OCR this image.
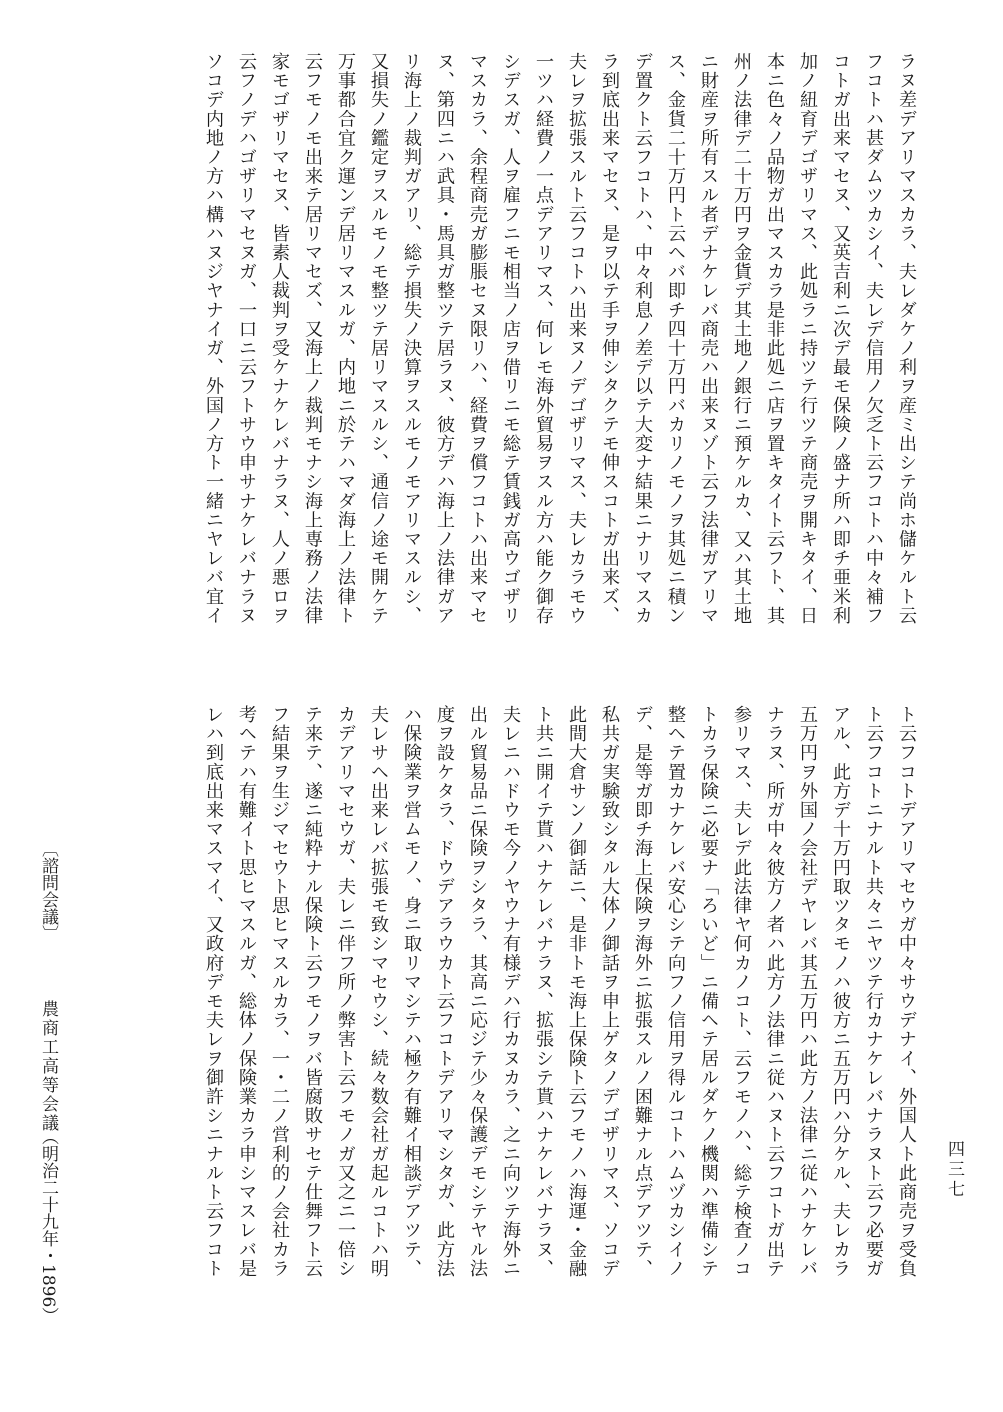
〔諮問会議〕
農商工高等会議
（明治二十九年・1896）
ラヌ差デアリマスカラ、夫レダケノ利ヲ産ミ出シテ尚ホ儲ケルト云
フコトハ甚ダムツカシイ、夫レデ信用ノ欠乏ト云フコトハ中々補フ
コトガ出来マセヌ、又英吉利ニ次デ最モ保険ノ盛ナ所ハ即チ亜米利
加ノ紐育デゴザリマス、此処ラニ持ツテ行ツテ商売ヲ開キタイ、日
本ニ色々ノ品物ガ出マスカラ是非此処ニ店ヲ置キタイト云フト、其
州ノ法律デ二十万円ヲ金貨デ其土地ノ銀行ニ預ケルカ、又ハ其土地
ニ財産ヲ所有スル者デナケレバ商売ハ出来ヌゾト云フ法律ガアリマ
ス、金貨二十万円ト云ヘバ即チ四十万円バカリノモノヲ其処ニ積ン
デ置クト云フコトハ、中々利息ノ差デ以テ大変ナ結果ニナリマスカ
ラ到底出来マセヌ、是ヲ以テ手ヲ伸シタクテモ伸スコトガ出来ズ、
夫レヲ拡張スルト云フコトハ出来ヌノデゴザリマス、夫レカラモウ
一ツハ経費ノ一点デアリマス、何レモ海外貿易ヲスル方ハ能ク御存
シデスガ、人ヲ雇フニモ相当ノ店ヲ借リニモ総テ賃銭ガ高ウゴザリ
マスカラ、余程商売ガ膨脹セヌ限リハ、経費ヲ償フコトハ出来マセ
ヌ、第四ニハ武具・馬具ガ整ツテ居ラヌ、彼方デハ海上ノ法律ガア
リ海上ノ裁判ガアリ、総テ損失ノ決算ヲスルモノモアリマスルシ、
又損失ノ鑑定ヲスルモノモ整ツテ居リマスルシ、通信ノ途モ開ケテ
万事都合宜ク運ンデ居リマスルガ、内地ニ於テハマダ海上ノ法律ト
云フモノモ出来テ居リマセズ、又海上ノ裁判モナシ海上専務ノ法律
家モゴザリマセヌ、皆素人裁判ヲ受ケナケレバナラヌ、人ノ悪ロヲ
云フノデハゴザリマセヌガ、一口ニ云フトサウ申サナケレバナラヌ
ソコデ内地ノ方ハ構ハヌジヤナイガ、外国ノ方ト一緒ニヤレバ宜イ
ト云フコトデアリマセウガ中々サウデナイ、外国人ト此商売ヲ受負
ト云フコトニナルト共々ニヤツテ行カナケレバナラヌト云フ必要ガ
アル、此方デ十万円取ツタモノハ彼方ニ五万円ハ分ケル、夫レカラ
五万円ヲ外国ノ会社デヤレバ其五万円ハ此方ノ法律ニ従ハナケレバ
ナラヌ、所ガ中々彼方ノ者ハ此方ノ法律ニ従ハヌト云フコトガ出テ
参リマス、夫レデ此法律ヤ何カノコト、云フモノハ、総テ検査ノコ
トカラ保険ニ必要ナ「ろいど」ニ備ヘテ居ルダケノ機関ハ準備シテ
整ヘテ置カナケレバ安心シテ向フノ信用ヲ得ルコトハムヅカシイノ
デ、是等ガ即チ海上保険ヲ海外ニ拡張スルノ困難ナル点デアツテ、
私共ガ実験致シタル大体ノ御話ヲ申上ゲタノデゴザリマス、ソコデ
此間大倉サンノ御話ニ、是非トモ海上保険ト云フモノハ海運・金融
ト共ニ開イテ貰ハナケレバナラヌ、拡張シテ貰ハナケレバナラヌ、
夫レニハドウモ今ノヤウナ有様デハ行カヌカラ、之ニ向ツテ海外ニ
出ル貿易品ニ保険ヲシタラ、其高ニ応ジテ少々保護デモシテヤル法
度ヲ設ケタラ、ドウデアラウカト云フコトデアリマシタガ、此方法
ハ保険業ヲ営ムモノ、身ニ取リマシテハ極ク有難イ相談デアツテ、
夫レサヘ出来レバ拡張モ致シマセウシ、続々数会社ガ起ルコトハ明
カデアリマセウガ、夫レニ伴フ所ノ弊害ト云フモノガ又之ニ一倍シ
テ来テ、遂ニ純粋ナル保険ト云フモノヲバ皆腐敗サセテ仕舞フト云
フ結果ヲ生ジマセウト思ヒマスルカラ、一・二ノ営利的ノ会社カラ
考ヘテハ有難イト思ヒマスルガ、総体ノ保険業カラ申シマスレバ是
レハ到底出来マスマイ、又政府デモ夫レヲ御許シニナルト云フコト	四三七
